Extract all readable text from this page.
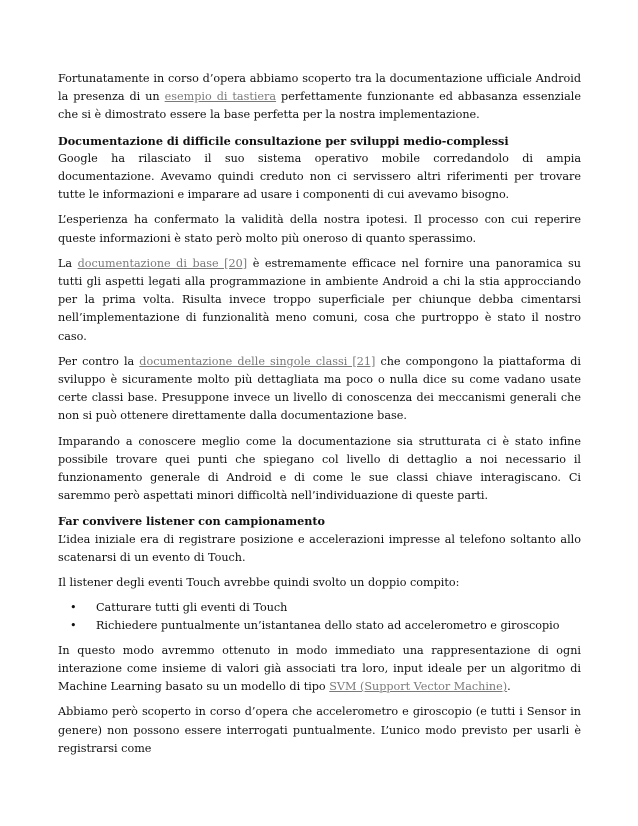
Fortunatamente in corso d’opera abbiamo scoperto tra la documentazione ufficiale Android la presenza di un esempio di tastiera perfettamente funzionante ed abbasanza essenziale che si è dimostrato essere la base perfetta per la nostra implementazione.

Documentazione di difficile consultazione per sviluppi medio-complessi

Google ha rilasciato il suo sistema operativo mobile corredandolo di ampia documentazione. Avevamo quindi creduto non ci servissero altri riferimenti per trovare tutte le informazioni e imparare ad usare i componenti di cui avevamo bisogno.

L’esperienza ha confermato la validità della nostra ipotesi. Il processo con cui reperire queste informazioni è stato però molto più oneroso di quanto sperassimo.

La documentazione di base [20] è estremamente efficace nel fornire una panoramica su tutti gli aspetti legati alla programmazione in ambiente Android a chi la stia approcciando per la prima volta. Risulta invece troppo superficiale per chiunque debba cimentarsi nell’implementazione di funzionalità meno comuni, cosa che purtroppo è stato il nostro caso.

Per contro la documentazione delle singole classi [21] che compongono la piattaforma di sviluppo è sicuramente molto più dettagliata ma poco o nulla dice su come vadano usate certe classi base. Presuppone invece un livello di conoscenza dei meccanismi generali che non si può ottenere direttamente dalla documentazione base.

Imparando a conoscere meglio come la documentazione sia strutturata ci è stato infine possibile trovare quei punti che spiegano col livello di dettaglio a noi necessario il funzionamento generale di Android e di come le sue classi chiave interagiscano. Ci saremmo però aspettati minori difficoltà nell’individuazione di queste parti.

Far convivere listener con campionamento

L’idea iniziale era di registrare posizione e accelerazioni impresse al telefono soltanto allo scatenarsi di un evento di Touch.

Il listener degli eventi Touch avrebbe quindi svolto un doppio compito:

• Catturare tutti gli eventi di Touch
• Richiedere puntualmente un’istantanea dello stato ad accelerometro e giroscopio

In questo modo avremmo ottenuto in modo immediato una rappresentazione di ogni interazione come insieme di valori già associati tra loro, input ideale per un algoritmo di Machine Learning basato su un modello di tipo SVM (Support Vector Machine).

Abbiamo però scoperto in corso d’opera che accelerometro e giroscopio (e tutti i Sensor in genere) non possono essere interrogati puntualmente. L’unico modo previsto per usarli è registrarsi come
